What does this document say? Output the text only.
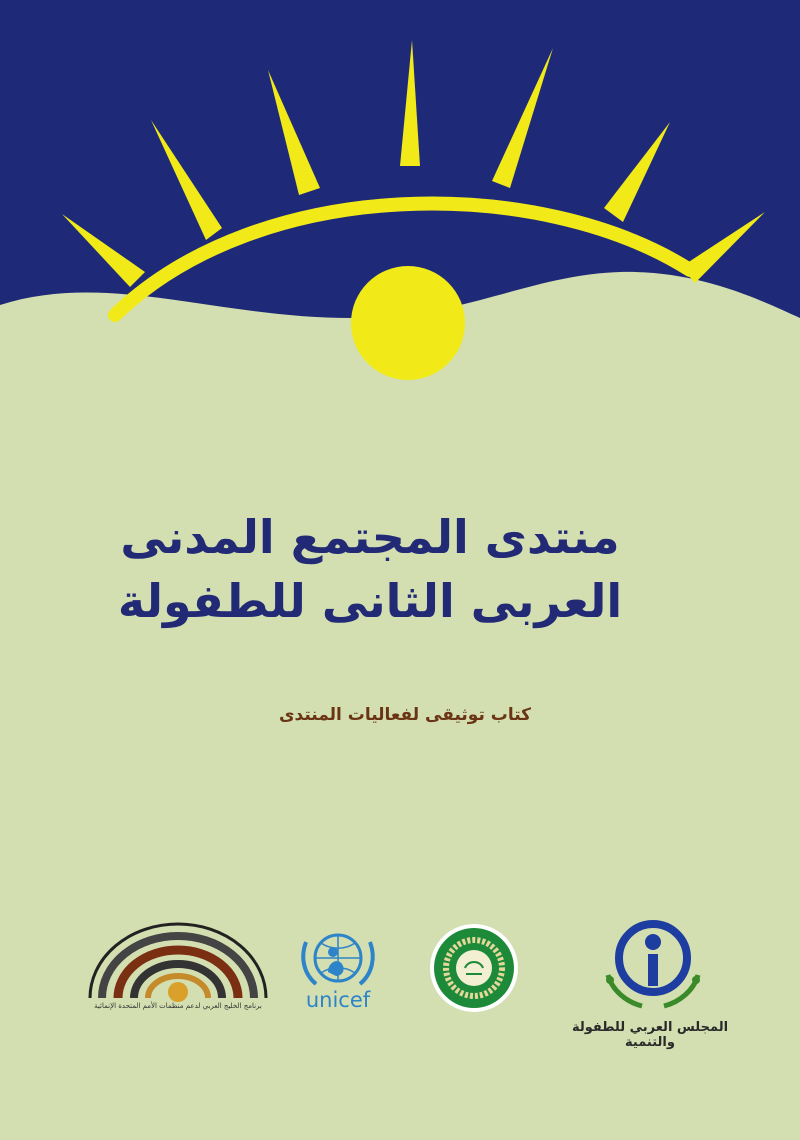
منتدى المجتمع المدنى
العربى الثانى للطفولة
كتاب توثيقى لفعاليات المنتدى
برنامج الخليج العربي لدعم منظمات الأمم المتحدة الإنمائية	unicef
المجلس العربي للطفولة والتنمية
